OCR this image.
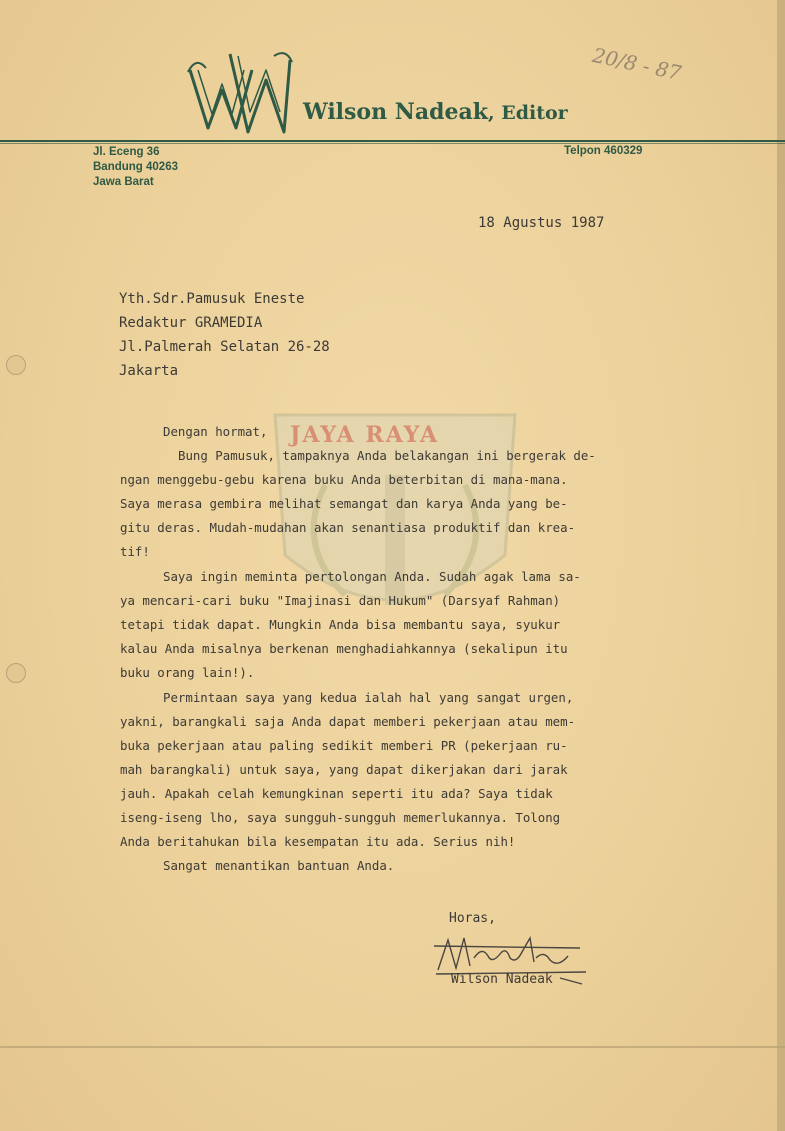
Wilson Nadeak, Editor
Jl. Eceng 36
Bandung 40263
Jawa Barat
Telpon 460329
20/8 - 87
18 Agustus 1987
Yth.Sdr.Pamusuk Eneste
Redaktur GRAMEDIA
Jl.Palmerah Selatan 26-28
Jakarta
JAYA RAYA
Dengan hormat,
Bung Pamusuk, tampaknya Anda belakangan ini bergerak de-
ngan menggebu-gebu karena buku Anda beterbitan di mana-mana.
Saya merasa gembira melihat semangat dan karya Anda yang be-
gitu deras. Mudah-mudahan akan senantiasa produktif dan krea-
tif!
Saya ingin meminta pertolongan Anda. Sudah agak lama sa-
ya mencari-cari buku "Imajinasi dan Hukum" (Darsyaf Rahman)
tetapi tidak dapat. Mungkin Anda bisa membantu saya, syukur
kalau Anda misalnya berkenan menghadiahkannya (sekalipun itu
buku orang lain!).
Permintaan saya yang kedua ialah hal yang sangat urgen,
yakni, barangkali saja Anda dapat memberi pekerjaan atau mem-
buka pekerjaan atau paling sedikit memberi PR (pekerjaan ru-
mah barangkali) untuk saya, yang dapat dikerjakan dari jarak
jauh. Apakah celah kemungkinan seperti itu ada? Saya tidak
iseng-iseng lho, saya sungguh-sungguh memerlukannya. Tolong
Anda beritahukan bila kesempatan itu ada. Serius nih!
Sangat menantikan bantuan Anda.
Horas,
Wilson Nadeak
